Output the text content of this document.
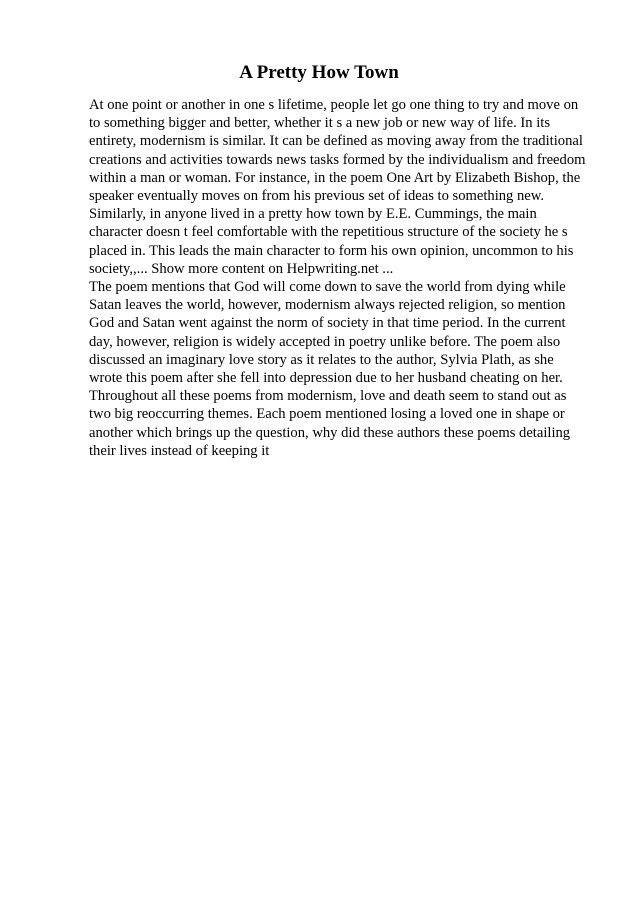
A Pretty How Town
At one point or another in one s lifetime, people let go one thing to try and move on
to something bigger and better, whether it s a new job or new way of life. In its
entirety, modernism is similar. It can be defined as moving away from the traditional
creations and activities towards news tasks formed by the individualism and freedom
within a man or woman. For instance, in the poem One Art by Elizabeth Bishop, the
speaker eventually moves on from his previous set of ideas to something new.
Similarly, in anyone lived in a pretty how town by E.E. Cummings, the main
character doesn t feel comfortable with the repetitious structure of the society he s
placed in. This leads the main character to form his own opinion, uncommon to his
society,,... Show more content on Helpwriting.net ...
The poem mentions that God will come down to save the world from dying while
Satan leaves the world, however, modernism always rejected religion, so mention
God and Satan went against the norm of society in that time period. In the current
day, however, religion is widely accepted in poetry unlike before. The poem also
discussed an imaginary love story as it relates to the author, Sylvia Plath, as she
wrote this poem after she fell into depression due to her husband cheating on her.
Throughout all these poems from modernism, love and death seem to stand out as
two big reoccurring themes. Each poem mentioned losing a loved one in shape or
another which brings up the question, why did these authors these poems detailing
their lives instead of keeping it
